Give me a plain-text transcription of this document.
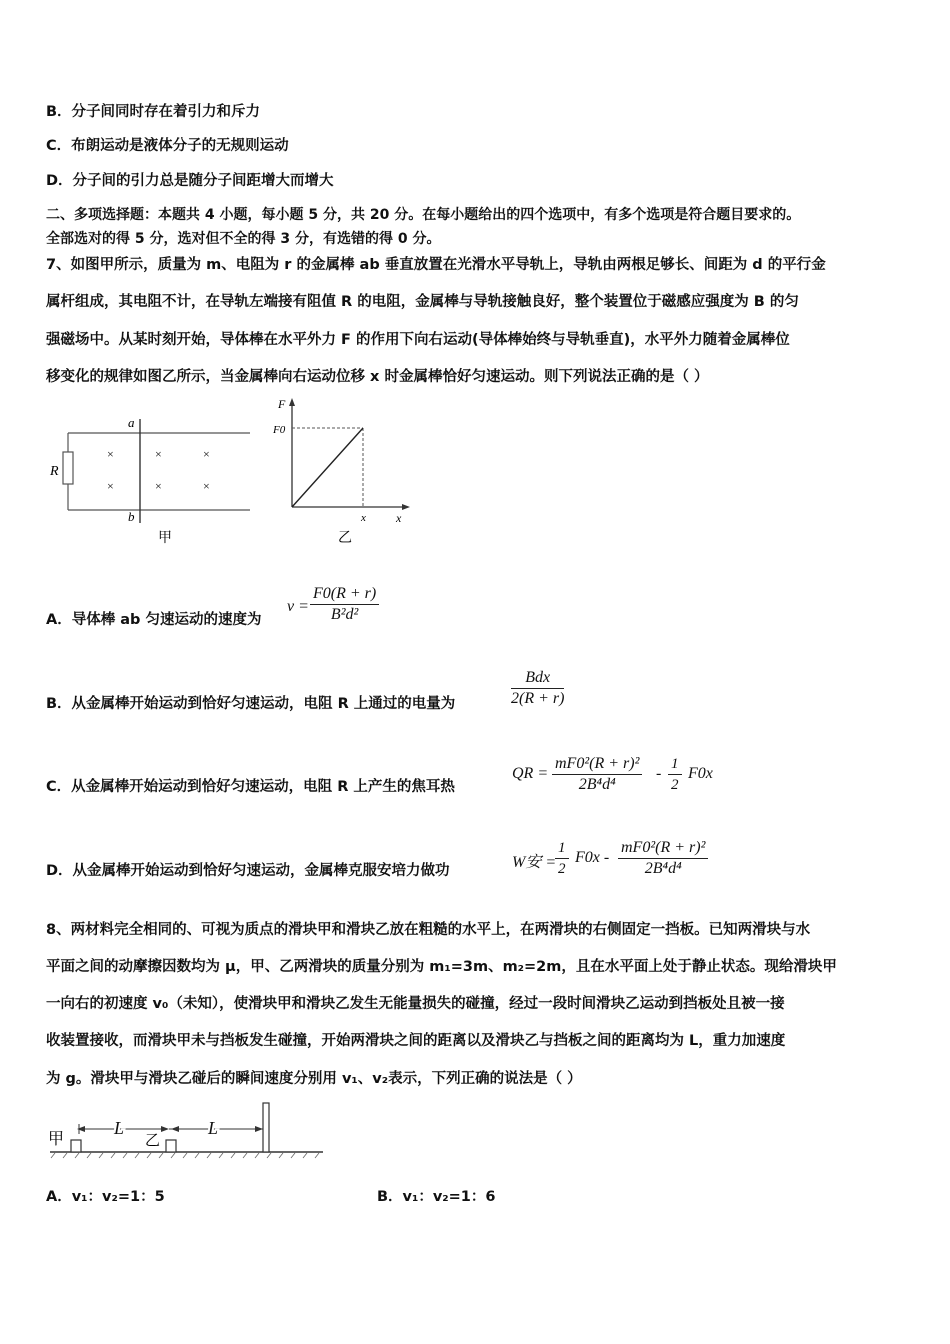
B．分子间同时存在着引力和斥力
C．布朗运动是液体分子的无规则运动
D．分子间的引力总是随分子间距增大而增大
二、多项选择题：本题共 4 小题，每小题 5 分，共 20 分。在每小题给出的四个选项中，有多个选项是符合题目要求的。
全部选对的得 5 分，选对但不全的得 3 分，有选错的得 0 分。
7、如图甲所示，质量为 m、电阻为 r 的金属棒 ab 垂直放置在光滑水平导轨上，导轨由两根足够长、间距为 d 的平行金
属杆组成，其电阻不计，在导轨左端接有阻值 R 的电阻，金属棒与导轨接触良好，整个装置位于磁感应强度为 B 的匀
强磁场中。从某时刻开始，导体棒在水平外力 F 的作用下向右运动(导体棒始终与导轨垂直)，水平外力随着金属棒位
移变化的规律如图乙所示，当金属棒向右运动位移 x 时金属棒恰好匀速运动。则下列说法正确的是（ ）
R
a
b
×	×	×
×	×	×
甲
F
x
F0
x
乙
A．导体棒 ab 匀速运动的速度为
$v = \frac{F0(R + r)}{\text{B²d²}}$
B．从金属棒开始运动到恰好匀速运动，电阻 R 上通过的电量为
Bdx
2(R + r)
C．从金属棒开始运动到恰好匀速运动，电阻 R 上产生的焦耳热
QR = $\frac{\text{mF0²(R + r)²}}{\text{2B⁴d⁴}} - \frac{1}{2} F0x$
D．从金属棒开始运动到恰好匀速运动，金属棒克服安培力做功	W安 =
$\frac{1}{2} F0x - \frac{\text{mF0²(R + r)²}}{\text{2B⁴d⁴}}$
8、两材料完全相同的、可视为质点的滑块甲和滑块乙放在粗糙的水平上，在两滑块的右侧固定一挡板。已知两滑块与水
平面之间的动摩擦因数均为 μ，甲、乙两滑块的质量分别为 m₁=3m、m₂=2m，且在水平面上处于静止状态。现给滑块甲
一向右的初速度 v₀（未知），使滑块甲和滑块乙发生无能量损失的碰撞，经过一段时间滑块乙运动到挡板处且被一接
收装置接收，而滑块甲未与挡板发生碰撞，开始两滑块之间的距离以及滑块乙与挡板之间的距离均为 L，重力加速度
为 g。滑块甲与滑块乙碰后的瞬间速度分别用 v₁、v₂表示，下列正确的说法是（ ）
甲	乙
L	L
A．v₁：v₂=1：5	B．v₁：v₂=1：6
